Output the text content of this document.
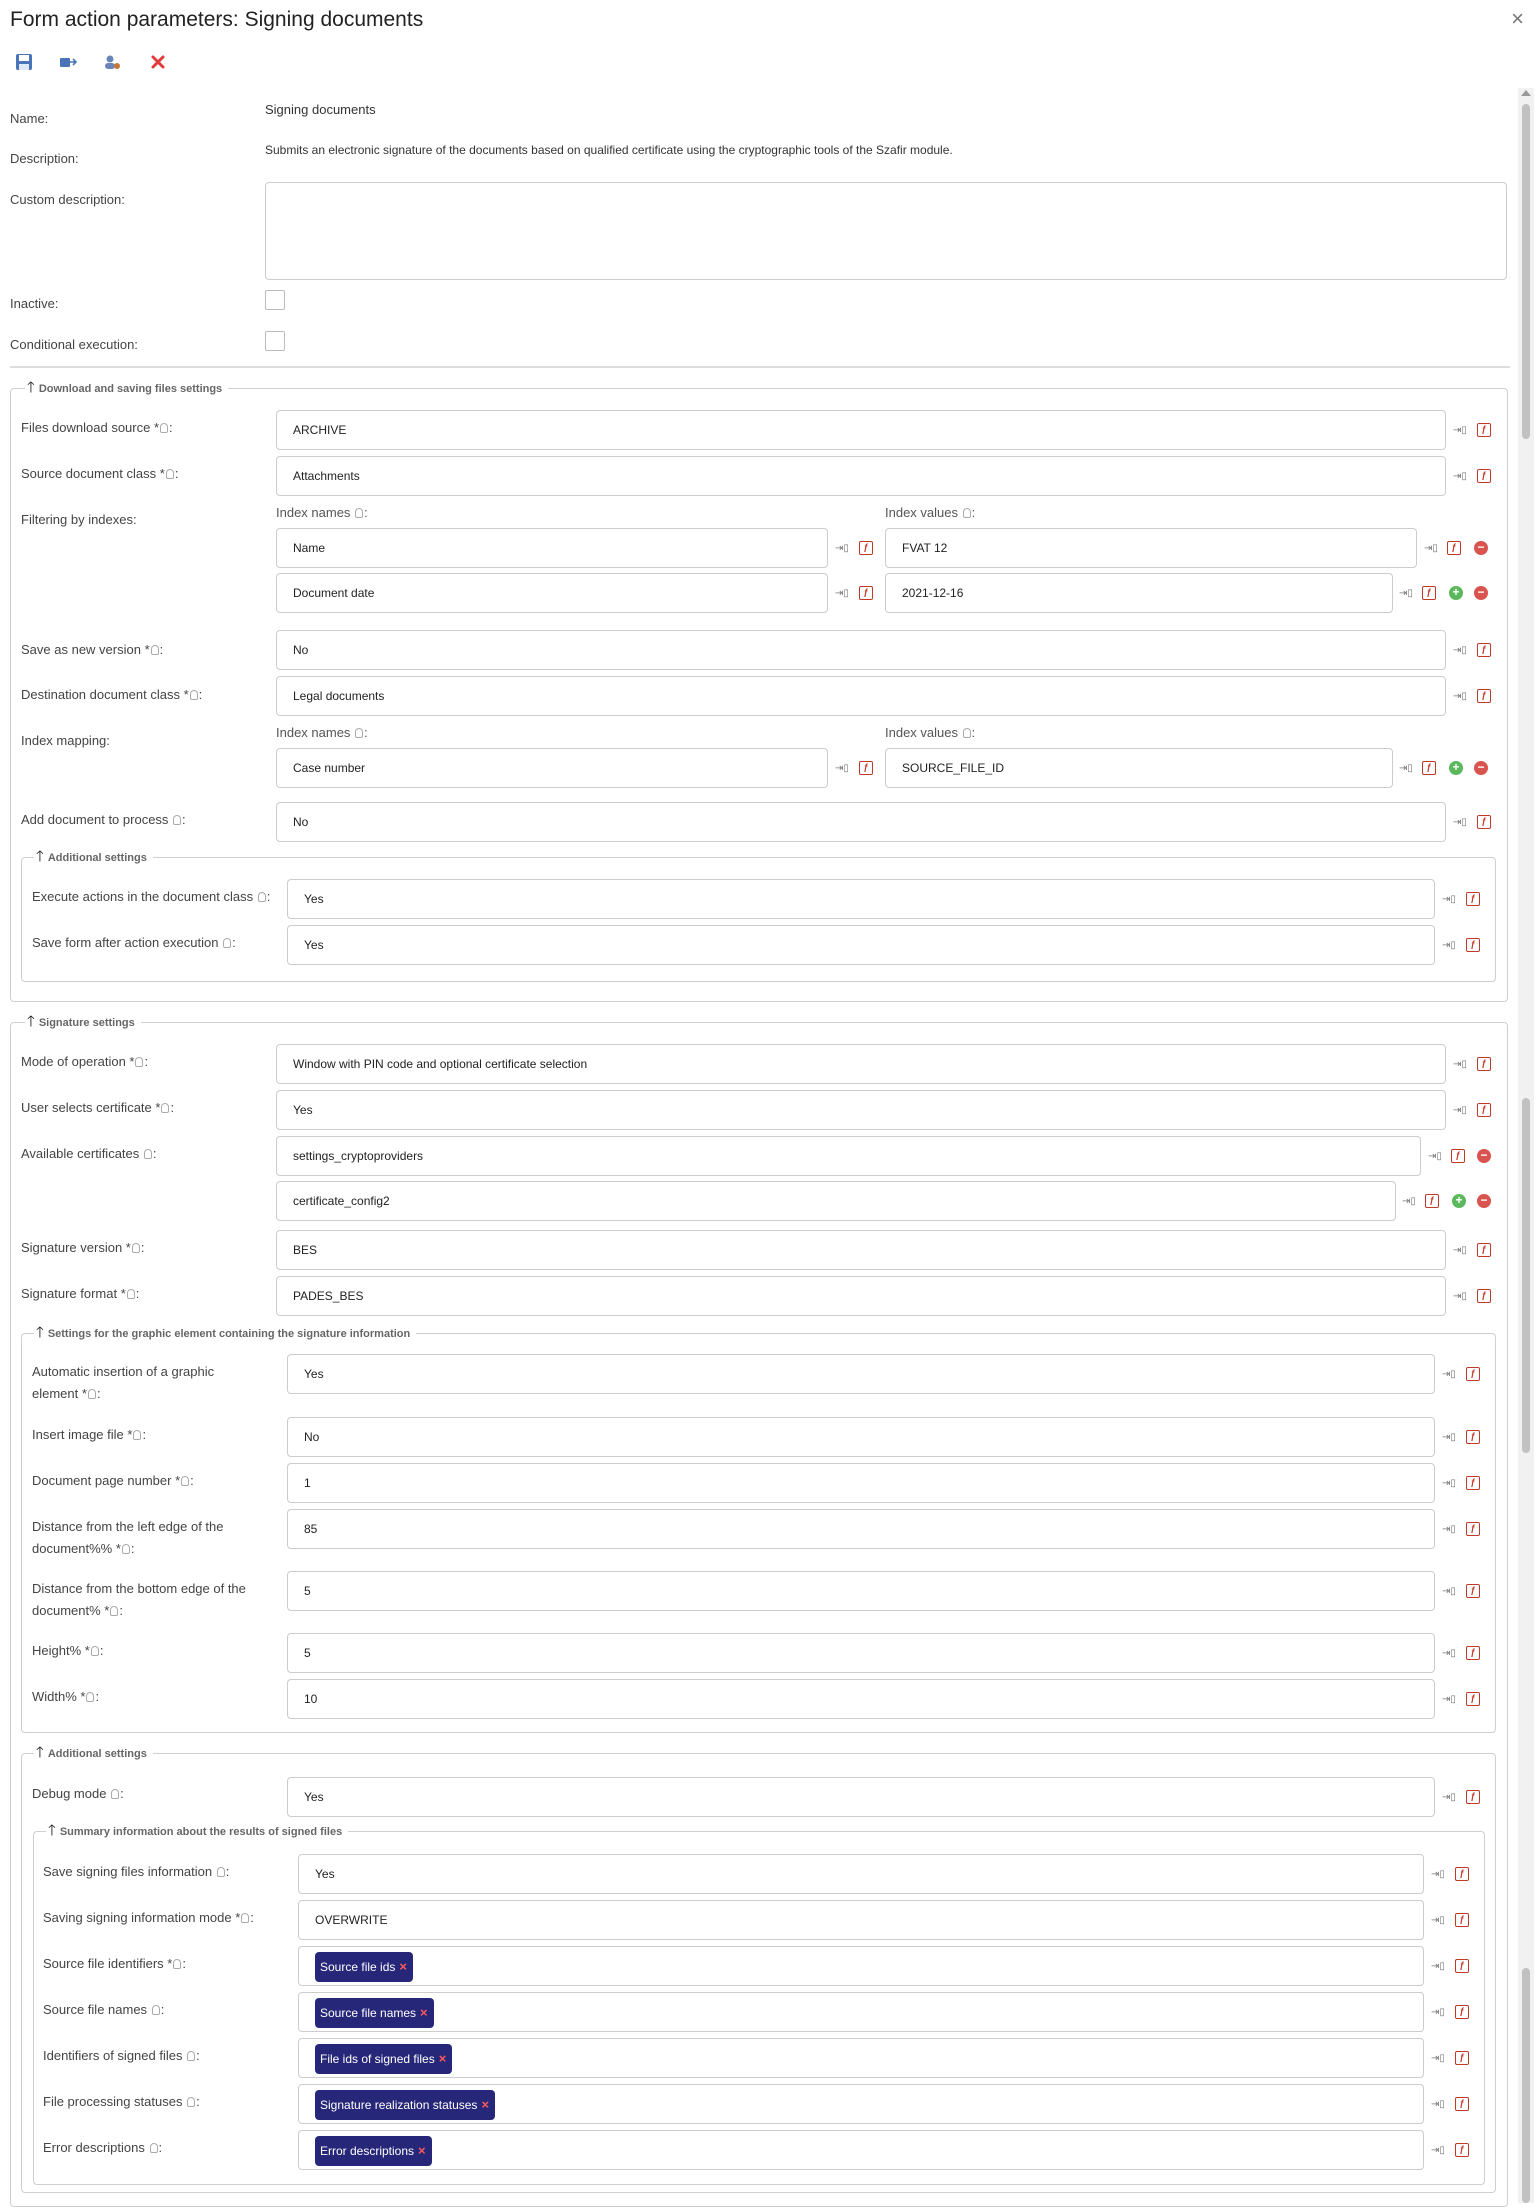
Form action parameters: Signing documents	×
Name:
Signing documents
Description:
Submits an electronic signature of the documents based on qualified certificate using the cryptographic tools of the Szafir module.
Custom description:
Inactive:
Conditional execution:
🡑 Download and saving files settings
Files download source * :	ARCHIVE	⇥▯	ƒ
Source document class * :	Attachments	⇥▯	ƒ
Filtering by indexes:	Index names :	Index values :
Name	⇥▯	ƒ	FVAT 12	⇥▯	ƒ	−
Document date	⇥▯	ƒ	2021-12-16	⇥▯	ƒ	+ −
Save as new version * :	No	⇥▯	ƒ
Destination document class * :	Legal documents	⇥▯	ƒ
Index mapping:
Index names :	Index values :
Case number	⇥▯	ƒ	SOURCE_FILE_ID	⇥▯	ƒ	+ −
Add document to process :	No	⇥▯	ƒ
🡑 Additional settings
Execute actions in the document class :	Yes	⇥▯	ƒ
Save form after action execution :	Yes	⇥▯	ƒ
🡑 Signature settings
Mode of operation * :	Window with PIN code and optional certificate selection	⇥▯	ƒ
User selects certificate * :	Yes	⇥▯	ƒ
Available certificates :	settings_cryptoproviders	⇥▯	ƒ	−
certificate_config2	⇥▯	ƒ	+ −
Signature version * :	BES	⇥▯	ƒ
Signature format * :	PADES_BES	⇥▯	ƒ
🡑 Settings for the graphic element containing the signature information
Automatic insertion of a graphic
element * :
Yes	⇥▯	ƒ
Insert image file * :	No	⇥▯	ƒ
Document page number * :	1	⇥▯	ƒ
Distance from the left edge of the
document%% * :
85	⇥▯	ƒ
Distance from the bottom edge of the
document% * :
5	⇥▯	ƒ
Height% * :	5	⇥▯	ƒ
Width% * :	10	⇥▯	ƒ
🡑 Additional settings
Debug mode :	Yes	⇥▯	ƒ
🡑 Summary information about the results of signed files
Save signing files information :	Yes	⇥▯	ƒ
Saving signing information mode * :	OVERWRITE	⇥▯	ƒ
Source file identifiers * :	Source file ids ×	⇥▯	ƒ
Source file names :	Source file names ×	⇥▯	ƒ
Identifiers of signed files :	File ids of signed files ×	⇥▯	ƒ
File processing statuses :	Signature realization statuses ×	⇥▯	ƒ
Error descriptions :	Error descriptions ×	⇥▯	ƒ
